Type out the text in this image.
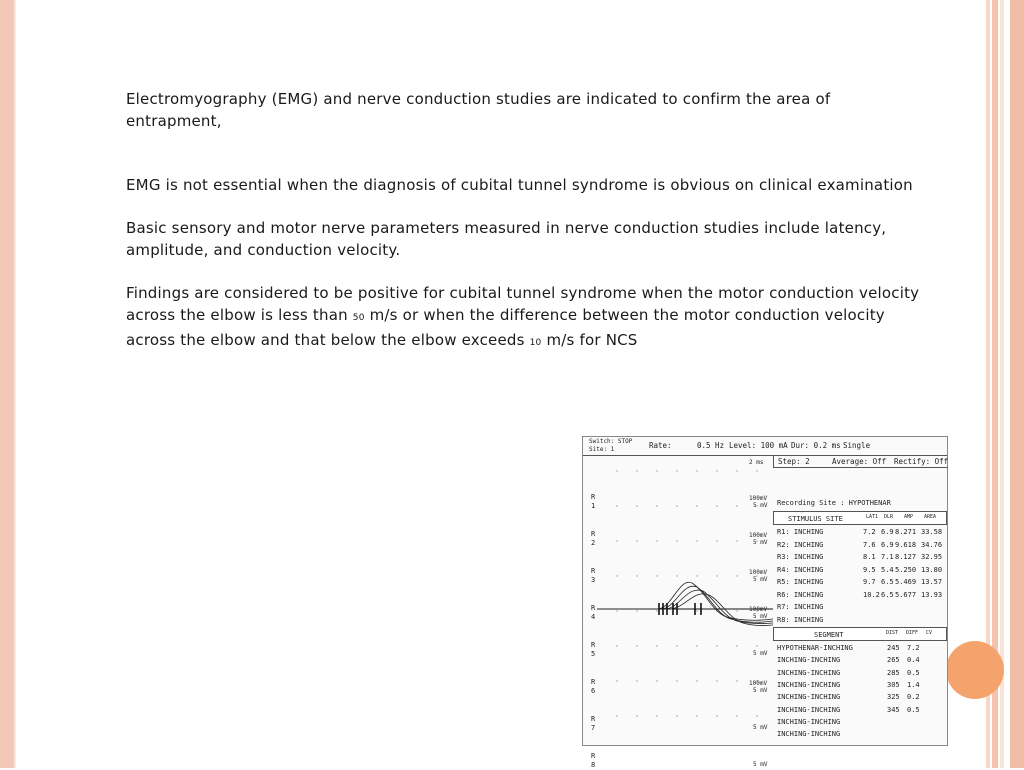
Electromyography (EMG) and nerve conduction studies are indicated to confirm the area of entrapment,

EMG is not essential when the diagnosis of cubital tunnel syndrome is obvious on clinical examination

Basic sensory and motor nerve parameters measured in nerve conduction studies include latency, amplitude, and conduction velocity.

Findings are considered to be positive for cubital tunnel syndrome when the motor conduction velocity across the elbow is less than 50 m/s or when the difference between the motor conduction velocity across the elbow and that below the elbow exceeds 10 m/s for NCS

Switch: STOP
Site: 1	Rate:	0.5 Hz Level: 100 mA Dur: 0.2 ms Single
Step: 2	Average: Off Rectify: Off
2 ms
R
1
100mV
5 mV
R
2
100mV
5 mV
R
3
100mV
5 mV
R
4
100mV
5 mV
R
5	5 mV
R
6
100mV
5 mV
R
7	5 mV
R
8	5 mV
Recording Site : HYPOTHENAR
STIMULUS SITE	LAT1 DLR AMP AREA
R1: INCHING	7.2 6.9 8.271 33.58
R2: INCHING	7.6 6.9 9.618 34.76
R3: INCHING	8.1 7.1 8.127 32.95
R4: INCHING	9.5 5.4 5.250 13.80
R5: INCHING	9.7 6.5 5.469 13.57
R6: INCHING	10.2 6.5 5.677 13.93
R7: INCHING
R8: INCHING
SEGMENT	DIST DIFF CV
HYPOTHENAR-INCHING	245 7.2
INCHING-INCHING	265 0.4
INCHING-INCHING	285 0.5
INCHING-INCHING	305 1.4
INCHING-INCHING	325 0.2
INCHING-INCHING	345 0.5
INCHING-INCHING
INCHING-INCHING
